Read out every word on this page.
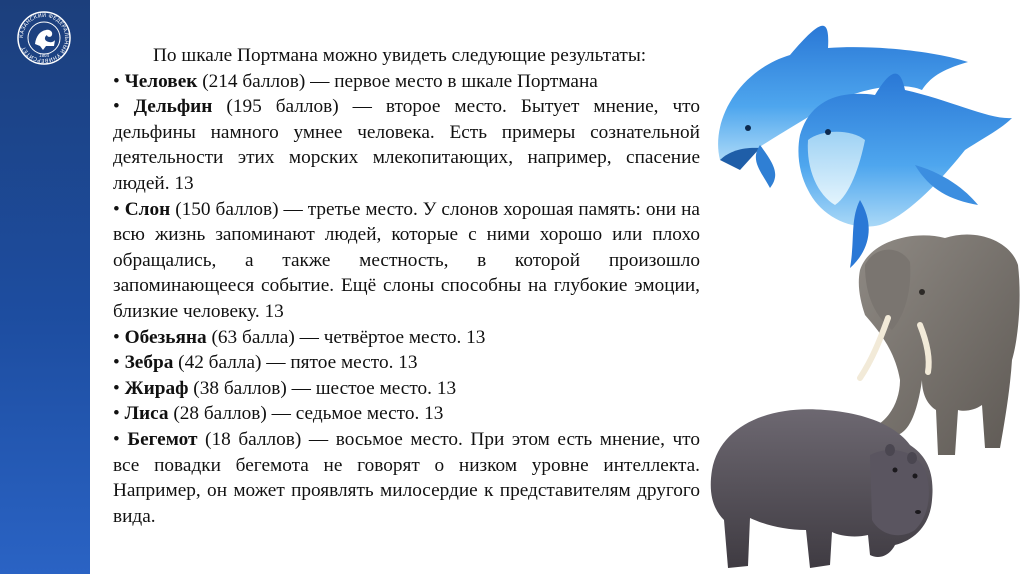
КАЗАНСКИЙ ФЕДЕРАЛЬНЫЙ УНИВЕРСИТЕТ
1804	По шкале Портмана можно увидеть следующие результаты:

• Человек (214 баллов) — первое место в шкале Портмана

• Дельфин (195 баллов) — второе место. Бытует мнение, что дельфины намного умнее человека. Есть примеры сознательной деятельности этих морских млекопитающих, например, спасение людей. 13

• Слон (150 баллов) — третье место. У слонов хорошая память: они на всю жизнь запоминают людей, которые с ними хорошо или плохо обращались, а также местность, в которой произошло запоминающееся событие. Ещё слоны способны на глубокие эмоции, близкие человеку. 13

• Обезьяна (63 балла) — четвёртое место. 13

• Зебра (42 балла) — пятое место. 13

• Жираф (38 баллов) — шестое место. 13

• Лиса (28 баллов) — седьмое место. 13

• Бегемот (18 баллов) — восьмое место. При этом есть мнение, что все повадки бегемота не говорят о низком уровне интеллекта. Например, он может проявлять милосердие к представителям другого вида.
